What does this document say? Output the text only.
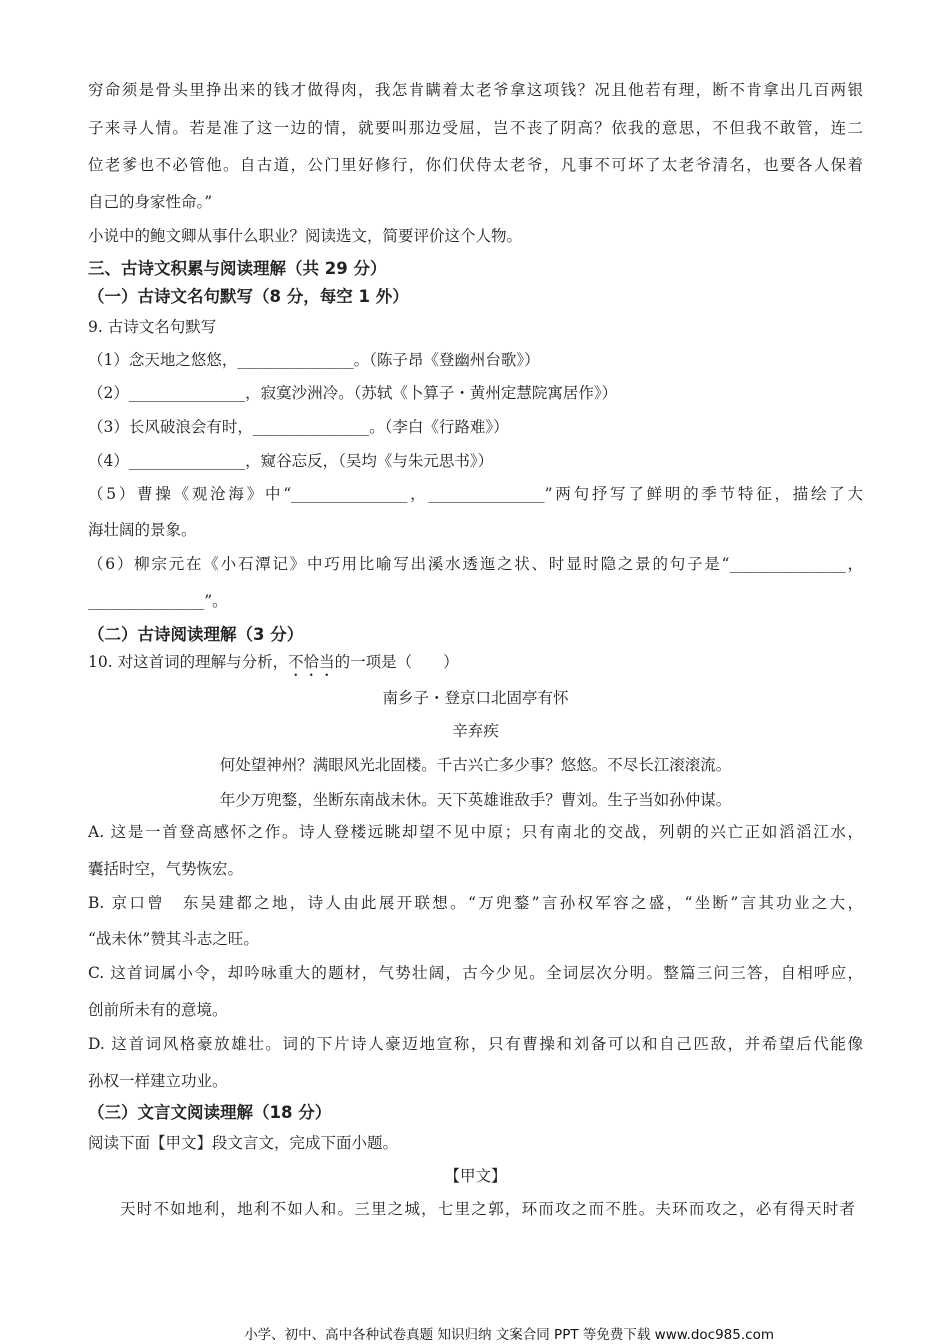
穷命须是骨头里挣出来的钱才做得肉，我怎肯瞒着太老爷拿这项钱？况且他若有理，断不肯拿出几百两银
子来寻人情。若是准了这一边的情，就要叫那边受屈，岂不丧了阴高？依我的意思，不但我不敢管，连二
位老爹也不必管他。自古道，公门里好修行，你们伏侍太老爷，凡事不可坏了太老爷清名，也要各人保着
自己的身家性命。”
小说中的鲍文卿从事什么职业？阅读选文，简要评价这个人物。
三、古诗文积累与阅读理解（共 29 分）
（一）古诗文名句默写（8 分，每空 1 外）
9. 古诗文名句默写
（1）念天地之悠悠，_______________。（陈子昂《登幽州台歌》）
（2）_______________，寂寞沙洲冷。（苏轼《卜算子・黄州定慧院寓居作》）
（3）长风破浪会有时，_______________。（李白《行路难》）
（4）_______________，窥谷忘反，（吴均《与朱元思书》）
（5）曹操《观沧海》中“_______________，_______________”两句抒写了鲜明的季节特征，描绘了大
海壮阔的景象。
（6）柳宗元在《小石潭记》中巧用比喻写出溪水透迤之状、时显时隐之景的句子是“_______________，
_______________”。
（二）古诗阅读理解（3 分）
10. 对这首词的理解与分析，不恰当的一项是（　　）
南乡子・登京口北固亭有怀
辛弃疾
何处望神州？满眼风光北固楼。千古兴亡多少事？悠悠。不尽长江滚滚流。
年少万兜鍪，坐断东南战未休。天下英雄谁敌手？曹刘。生子当如孙仲谋。
A. 这是一首登高感怀之作。诗人登楼远眺却望不见中原；只有南北的交战，列朝的兴亡正如滔滔江水，
囊括时空，气势恢宏。
B. 京口曾　东吴建都之地，诗人由此展开联想。“万兜鍪”言孙权军容之盛，“坐断”言其功业之大，
“战未休”赞其斗志之旺。
C. 这首词属小令，却吟咏重大的题材，气势壮阔，古今少见。全词层次分明。整篇三问三答，自相呼应，
创前所未有的意境。
D. 这首词风格豪放雄壮。词的下片诗人豪迈地宣称，只有曹操和刘备可以和自己匹敌，并希望后代能像
孙权一样建立功业。
（三）文言文阅读理解（18 分）
阅读下面【甲文】段文言文，完成下面小题。
【甲文】
天时不如地利，地利不如人和。三里之城，七里之郭，环而攻之而不胜。夫环而攻之，必有得天时者
小学、初中、高中各种试卷真题 知识归纳 文案合同 PPT 等免费下载 www.doc985.com
